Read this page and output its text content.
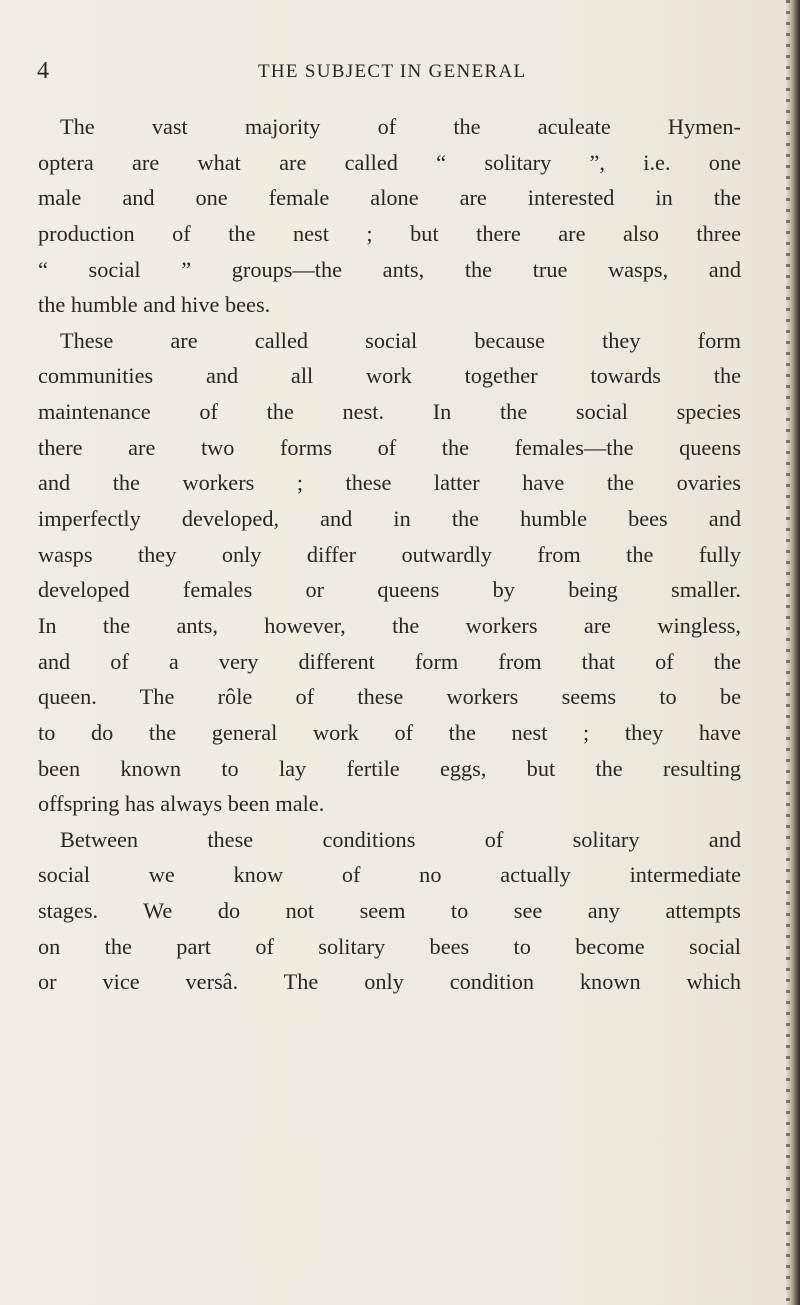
4	THE SUBJECT IN GENERAL
The vast majority of the aculeate Hymen-
optera are what are called “ solitary ”, i.e. one
male and one female alone are interested in the
production of the nest ; but there are also three
“ social ” groups—the ants, the true wasps, and
the humble and hive bees.
These are called social because they form
communities and all work together towards the
maintenance of the nest. In the social species
there are two forms of the females—the queens
and the workers ; these latter have the ovaries
imperfectly developed, and in the humble bees and
wasps they only differ outwardly from the fully
developed females or queens by being smaller.
In the ants, however, the workers are wingless,
and of a very different form from that of the
queen. The rôle of these workers seems to be
to do the general work of the nest ; they have
been known to lay fertile eggs, but the resulting
offspring has always been male.
Between these conditions of solitary and
social we know of no actually intermediate
stages. We do not seem to see any attempts
on the part of solitary bees to become social
or vice versâ. The only condition known which
